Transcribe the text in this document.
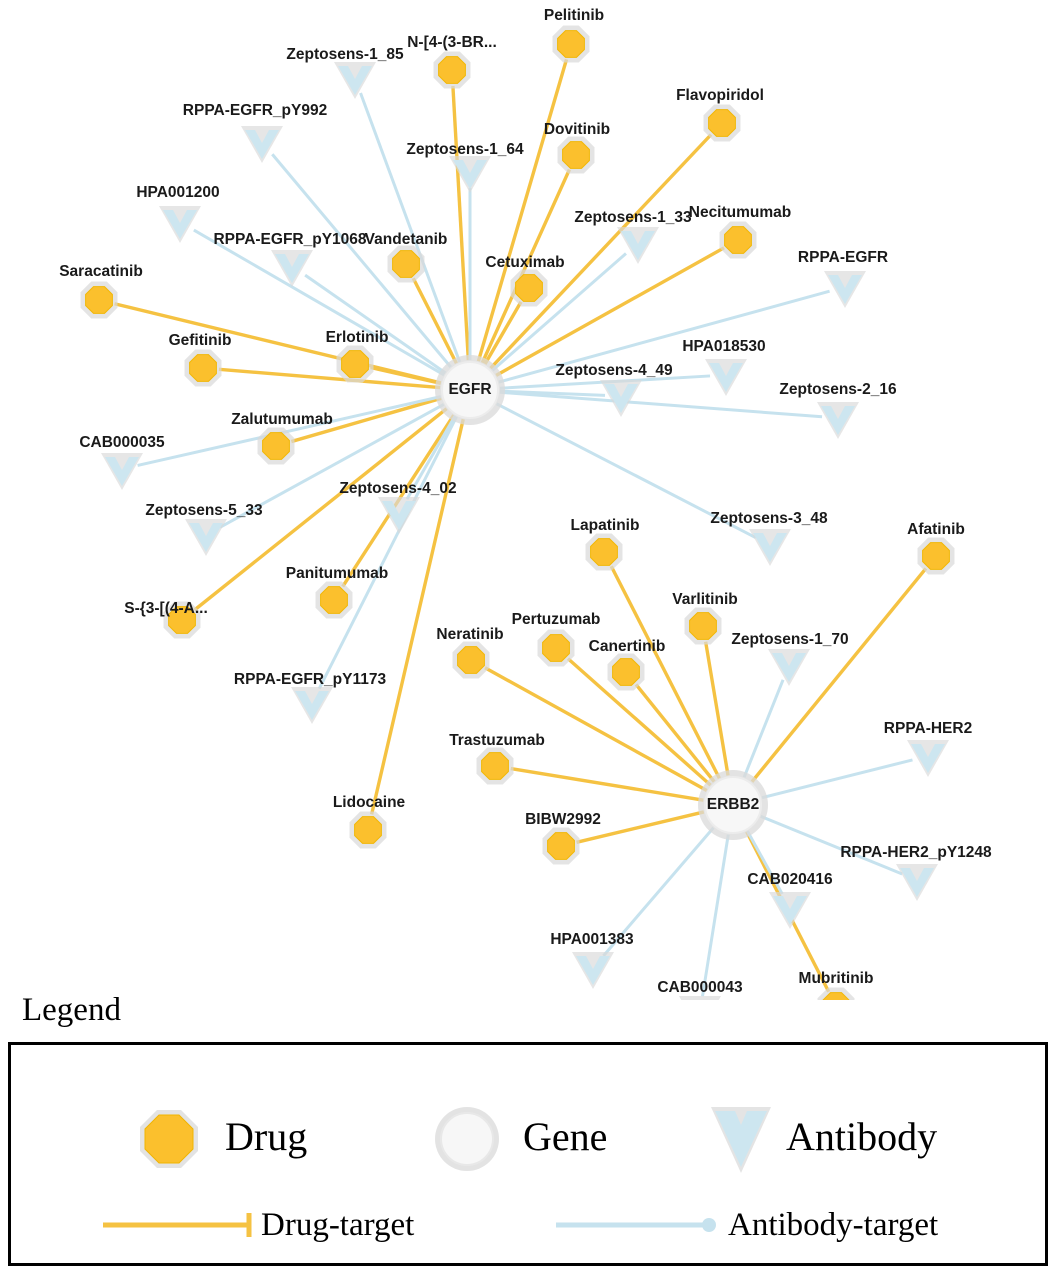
Pelitinib
N-[4-(3-BR...
Flavopiridol
Dovitinib
Necitumumab
Vandetanib
Cetuximab
Saracatinib
Gefitinib	Erlotinib
Zalutumumab
Lapatinib	Afatinib
Panitumumab
Varlitinib
S-{3-[(4-A...
Pertuzumab
Canertinib
Neratinib
Trastuzumab
Lidocaine
BIBW2992
Mubritinib
Zeptosens-1_85
RPPA-EGFR_pY992
Zeptosens-1_64
HPA001200
Zeptosens-1_33
RPPA-EGFR_pY1068
RPPA-EGFR
HPA018530
Zeptosens-4_49
Zeptosens-2_16
CAB000035
Zeptosens-4_02
Zeptosens-5_33	Zeptosens-3_48
Zeptosens-1_70
RPPA-EGFR_pY1173
RPPA-HER2
RPPA-HER2_pY1248
CAB020416
HPA001383
CAB000043
EGFR
ERBB2
Legend
Drug	Gene	Antibody
Drug-target	Antibody-target
